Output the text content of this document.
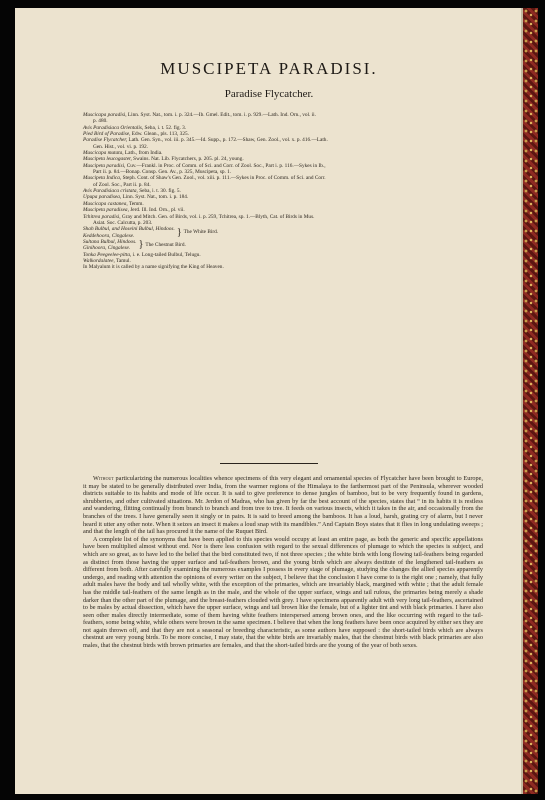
MUSCIPETA PARADISI.
Paradise Flycatcher.
Muscicapa paradisi, Linn. Syst. Nat., tom. i. p. 324.—Ib. Gmel. Edit., tom. i. p. 929.—Lath. Ind. Orn., vol. ii.
p. 480.
Avis Paradisiaca Orientalis, Seba, i. t. 52. fig. 3.
Pied Bird of Paradise, Edw. Glean., pls. 113, 325.
Paradise Flycatcher, Lath. Gen. Syn., vol. iii. p. 345.—Id. Supp., p. 172.—Shaw, Gen. Zool., vol. x. p. 416.—Lath.
Gen. Hist., vol. vi. p. 192.
Muscicapa mutata, Lath., from India.
Muscipeta leucogaster, Swains. Nat. Lib. Flycatchers, p. 205. pl. 24, young.
Muscipeta paradisi, Cuv.—Frankl. in Proc. of Comm. of Sci. and Corr. of Zool. Soc., Part i. p. 116.—Sykes in Ib.,
Part ii. p. 84.—Bonap. Consp. Gen. Av., p. 325, Muscipeta, sp. 1.
Muscipeta Indica, Steph. Cont. of Shaw's Gen. Zool., vol. xiii. p. 111.—Sykes in Proc. of Comm. of Sci. and Corr.
of Zool. Soc., Part ii. p. 84.
Avis Paradisiaca cristata, Seba, i. t. 30. fig. 5.
Upupa paradisea, Linn. Syst. Nat., tom. i. p. 184.
Muscicapa castanea, Temm.
Muscipeta paradisea, Jerd. Ill. Ind. Orn., pl. vii.
Tchitrea paradisi, Gray and Mitch. Gen. of Birds, vol. i. p. 259, Tchitrea, sp. 1.—Blyth, Cat. of Birds in Mus.
Asiat. Soc. Calcutta, p. 203.
Shah Bulbul, and Hoseini Bulbul, Hindoos.
Keddehoora, Cingalese.	} The White Bird.
Sultana Bulbul, Hindoos.
Ginihoora, Cingalese. } The Chestnut Bird.
Tonka Peegeelee-pitta, i. e. Long-tailed Bulbul, Telugu.
Walkordalatee, Tamul.
In Malyalum it is called by a name signifying the King of Heaven.

Without particularizing the numerous localities whence specimens of this very elegant and ornamental species of Flycatcher have been brought to Europe, it may be stated to be generally distributed over India, from the warmer regions of the Himalaya to the farthermost part of the Peninsula, wherever wooded districts suitable to its habits and mode of life occur. It is said to give preference to dense jungles of bamboo, but to be very frequently found in gardens, shrubberies, and other cultivated situations. Mr. Jerdon of Madras, who has given by far the best account of the species, states that “ in its habits it is restless and wandering, flitting continually from branch to branch and from tree to tree. It feeds on various insects, which it takes in the air, and occasionally from the branches of the trees. I have generally seen it singly or in pairs. It is said to breed among the bamboos. It has a loud, harsh, grating cry of alarm, but I never heard it utter any other note. When it seizes an insect it makes a loud snap with its mandibles.” And Captain Boys states that it flies in long undulating sweeps ; and that the length of the tail has procured it the name of the Ruquet Bird.

A complete list of the synonyms that have been applied to this species would occupy at least an entire page, as both the generic and specific appellations have been multiplied almost without end. Nor is there less confusion with regard to the sexual differences of plumage to which the species is subject, and which are so great, as to have led to the belief that the bird constituted two, if not three species ; the white birds with long flowing tail-feathers being regarded as distinct from those having the upper surface and tail-feathers brown, and the young birds which are always destitute of the lengthened tail-feathers as different from both. After carefully examining the numerous examples I possess in every stage of plumage, studying the changes the allied species apparently undergo, and reading with attention the opinions of every writer on the subject, I believe that the conclusion I have come to is the right one ; namely, that fully adult males have the body and tail wholly white, with the exception of the primaries, which are invariably black, margined with white ; that the adult female has the middle tail-feathers of the same length as in the male, and the whole of the upper surface, wings and tail rufous, the primaries being merely a shade darker than the other part of the plumage, and the breast-feathers clouded with grey. I have specimens apparently adult with very long tail-feathers, ascertained to be males by actual dissection, which have the upper surface, wings and tail brown like the female, but of a lighter tint and with black primaries. I have also seen other males directly intermediate, some of them having white feathers interspersed among brown ones, and the like occurring with regard to the tail-feathers, some being white, while others were brown in the same specimen. I believe that when the long feathers have been once acquired by either sex they are not again thrown off, and that they are not a seasonal or breeding characteristic, as some authors have supposed : the short-tailed birds which are always chestnut are very young birds. To be more concise, I may state, that the white birds are invariably males, that the chestnut birds with black primaries are also males, that the chestnut birds with brown primaries are females, and that the short-tailed birds are the young of the year of both sexes.
